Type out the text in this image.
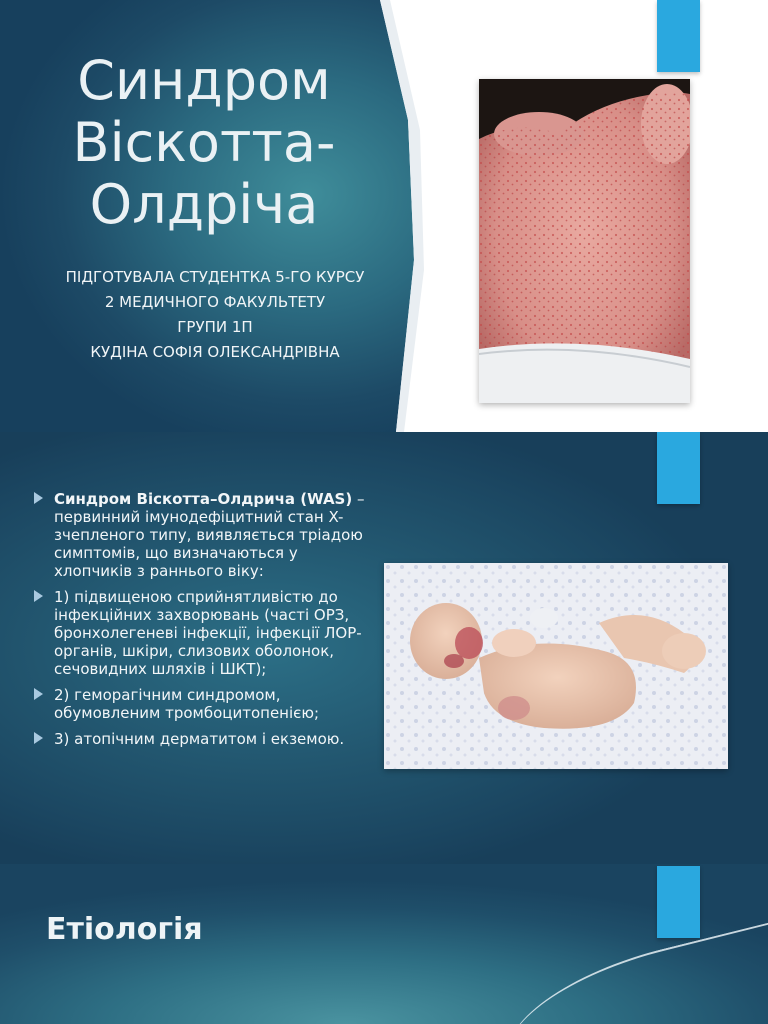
Синдром Віскотта-Олдріча
ПІДГОТУВАЛА СТУДЕНТКА 5-ГО КУРСУ
2 МЕДИЧНОГО ФАКУЛЬТЕТУ
ГРУПИ 1П
КУДІНА СОФІЯ ОЛЕКСАНДРІВНА
Синдром Віскотта–Олдрича (WAS) – первинний імунодефіцитний стан X-зчепленого типу, виявляється тріадою симптомів, що визначаються у хлопчиків з раннього віку:
1) підвищеною сприйнятливістю до інфекційних захворювань (часті ОРЗ, бронхолегеневі інфекції, інфекції ЛОР-органів, шкіри, слизових оболонок, сечовидних шляхів і ШКТ);
2) геморагічним синдромом, обумовленим тромбоцитопенією;
3) атопічним дерматитом і екземою.
Етіологія
